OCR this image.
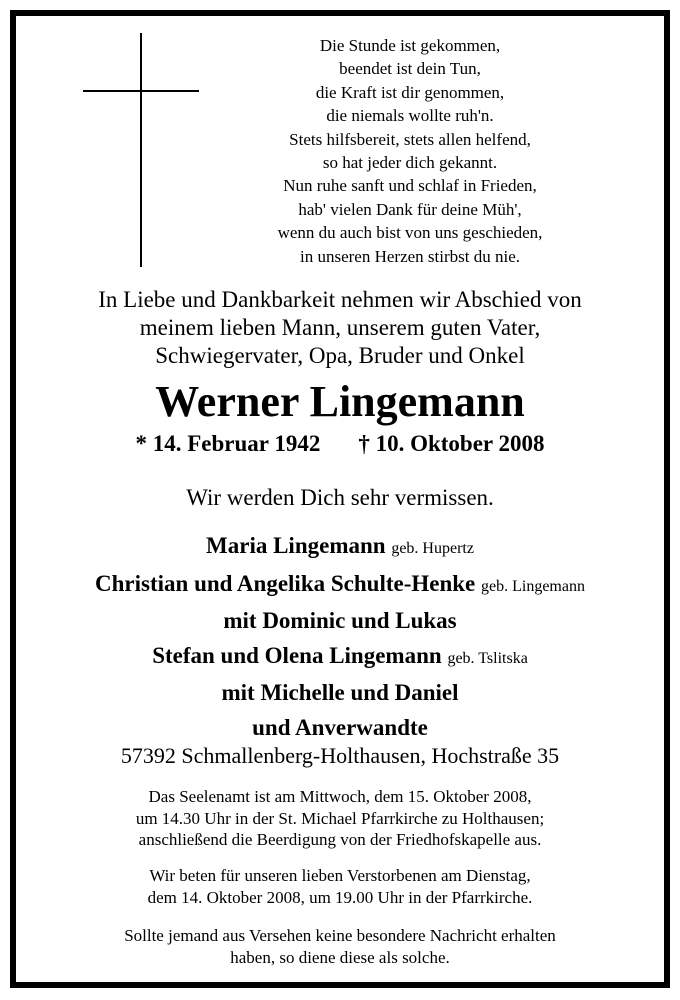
Die Stunde ist gekommen,
beendet ist dein Tun,
die Kraft ist dir genommen,
die niemals wollte ruh'n.
Stets hilfsbereit, stets allen helfend,
so hat jeder dich gekannt.
Nun ruhe sanft und schlaf in Frieden,
hab' vielen Dank für deine Müh',
wenn du auch bist von uns geschieden,
in unseren Herzen stirbst du nie.
In Liebe und Dankbarkeit nehmen wir Abschied von
meinem lieben Mann, unserem guten Vater,
Schwiegervater, Opa, Bruder und Onkel
Werner Lingemann
* 14. Februar 1942 † 10. Oktober 2008
Wir werden Dich sehr vermissen.
Maria Lingemann geb. Hupertz
Christian und Angelika Schulte-Henke geb. Lingemann
mit Dominic und Lukas
Stefan und Olena Lingemann geb. Tslitska
mit Michelle und Daniel
und Anverwandte
57392 Schmallenberg-Holthausen, Hochstraße 35
Das Seelenamt ist am Mittwoch, dem 15. Oktober 2008,
um 14.30 Uhr in der St. Michael Pfarrkirche zu Holthausen;
anschließend die Beerdigung von der Friedhofskapelle aus.
Wir beten für unseren lieben Verstorbenen am Dienstag,
dem 14. Oktober 2008, um 19.00 Uhr in der Pfarrkirche.
Sollte jemand aus Versehen keine besondere Nachricht erhalten
haben, so diene diese als solche.
